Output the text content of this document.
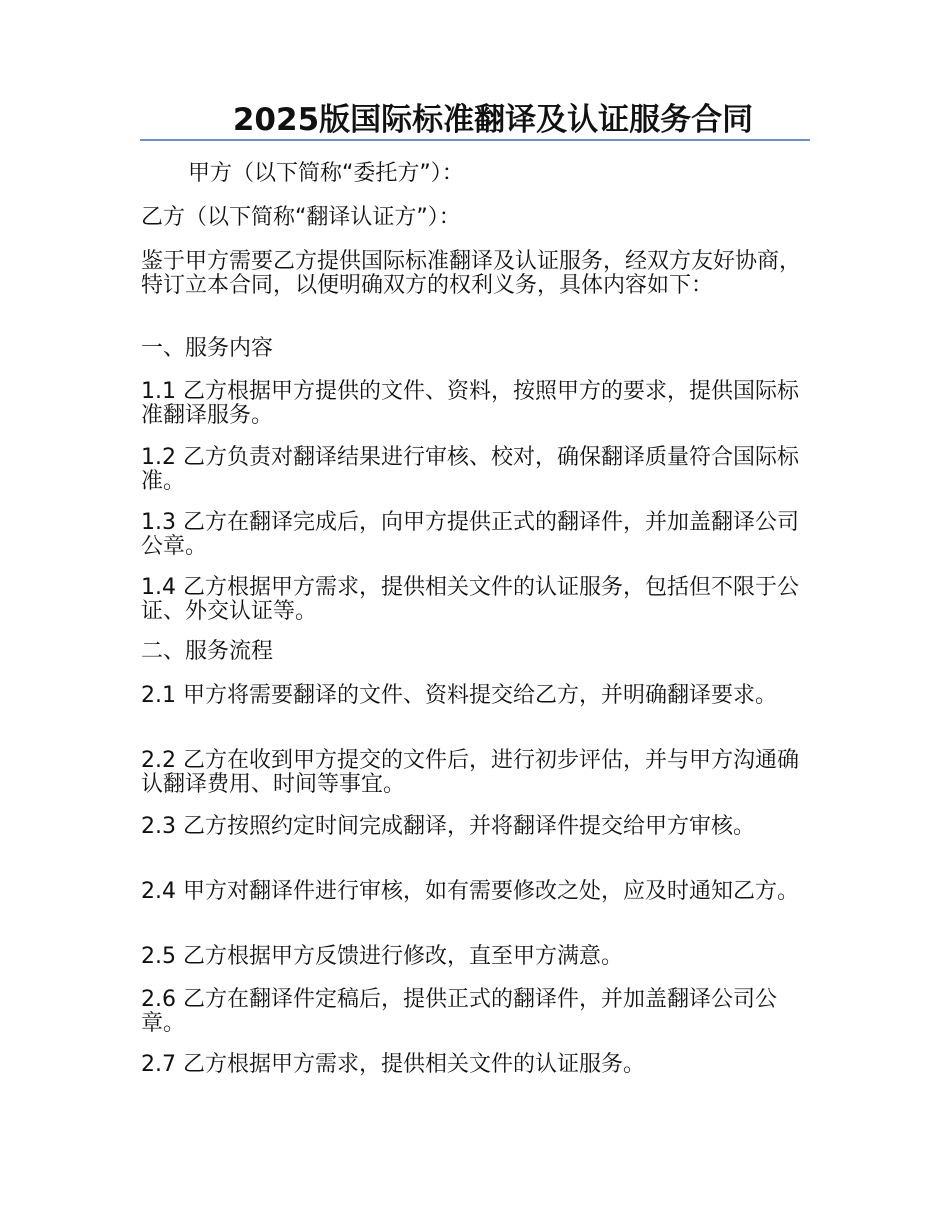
2025版国际标准翻译及认证服务合同

甲方（以下简称“委托方”）：

乙方（以下简称“翻译认证方”）：

鉴于甲方需要乙方提供国际标准翻译及认证服务，经双方友好协商，特订立本合同，以便明确双方的权利义务，具体内容如下：

一、服务内容

1.1 乙方根据甲方提供的文件、资料，按照甲方的要求，提供国际标准翻译服务。

1.2 乙方负责对翻译结果进行审核、校对，确保翻译质量符合国际标准。

1.3 乙方在翻译完成后，向甲方提供正式的翻译件，并加盖翻译公司公章。

1.4 乙方根据甲方需求，提供相关文件的认证服务，包括但不限于公证、外交认证等。

二、服务流程

2.1 甲方将需要翻译的文件、资料提交给乙方，并明确翻译要求。

2.2 乙方在收到甲方提交的文件后，进行初步评估，并与甲方沟通确认翻译费用、时间等事宜。

2.3 乙方按照约定时间完成翻译，并将翻译件提交给甲方审核。

2.4 甲方对翻译件进行审核，如有需要修改之处，应及时通知乙方。

2.5 乙方根据甲方反馈进行修改，直至甲方满意。

2.6 乙方在翻译件定稿后，提供正式的翻译件，并加盖翻译公司公章。

2.7 乙方根据甲方需求，提供相关文件的认证服务。
